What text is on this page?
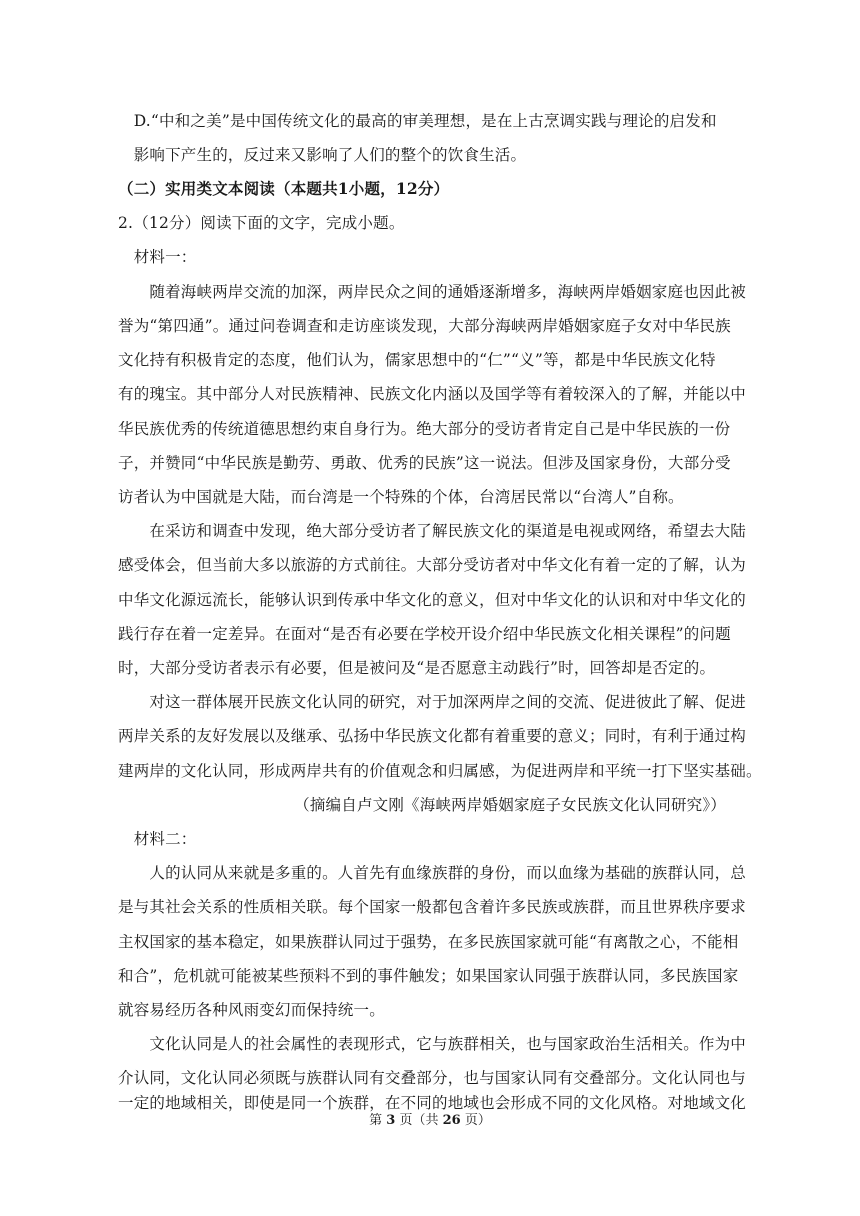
　D.“中和之美”是中国传统文化的最高的审美理想，是在上古烹调实践与理论的启发和
　影响下产生的，反过来又影响了人们的整个的饮食生活。
（二）实用类文本阅读（本题共1小题，12分）
2.（12分）阅读下面的文字，完成小题。
　材料一：
　　随着海峡两岸交流的加深，两岸民众之间的通婚逐渐增多，海峡两岸婚姻家庭也因此被
誉为“第四通”。通过问卷调查和走访座谈发现，大部分海峡两岸婚姻家庭子女对中华民族
文化持有积极肯定的态度，他们认为，儒家思想中的“仁”“义”等，都是中华民族文化特
有的瑰宝。其中部分人对民族精神、民族文化内涵以及国学等有着较深入的了解，并能以中
华民族优秀的传统道德思想约束自身行为。绝大部分的受访者肯定自己是中华民族的一份
子，并赞同“中华民族是勤劳、勇敢、优秀的民族”这一说法。但涉及国家身份，大部分受
访者认为中国就是大陆，而台湾是一个特殊的个体，台湾居民常以“台湾人”自称。
　　在采访和调查中发现，绝大部分受访者了解民族文化的渠道是电视或网络，希望去大陆
感受体会，但当前大多以旅游的方式前往。大部分受访者对中华文化有着一定的了解，认为
中华文化源远流长，能够认识到传承中华文化的意义，但对中华文化的认识和对中华文化的
践行存在着一定差异。在面对“是否有必要在学校开设介绍中华民族文化相关课程”的问题
时，大部分受访者表示有必要，但是被问及“是否愿意主动践行”时，回答却是否定的。
　　对这一群体展开民族文化认同的研究，对于加深两岸之间的交流、促进彼此了解、促进
两岸关系的友好发展以及继承、弘扬中华民族文化都有着重要的意义；同时，有利于通过构
建两岸的文化认同，形成两岸共有的价值观念和归属感，为促进两岸和平统一打下坚实基础。
（摘编自卢文刚《海峡两岸婚姻家庭子女民族文化认同研究》）
　材料二：
　　人的认同从来就是多重的。人首先有血缘族群的身份，而以血缘为基础的族群认同，总
是与其社会关系的性质相关联。每个国家一般都包含着许多民族或族群，而且世界秩序要求
主权国家的基本稳定，如果族群认同过于强势，在多民族国家就可能“有离散之心，不能相
和合”，危机就可能被某些预料不到的事件触发；如果国家认同强于族群认同，多民族国家
就容易经历各种风雨变幻而保持统一。
　　文化认同是人的社会属性的表现形式，它与族群相关，也与国家政治生活相关。作为中
介认同，文化认同必须既与族群认同有交叠部分，也与国家认同有交叠部分。文化认同也与
一定的地域相关，即使是同一个族群，在不同的地域也会形成不同的文化风格。对地域文化
第 3 页（共 26 页）
